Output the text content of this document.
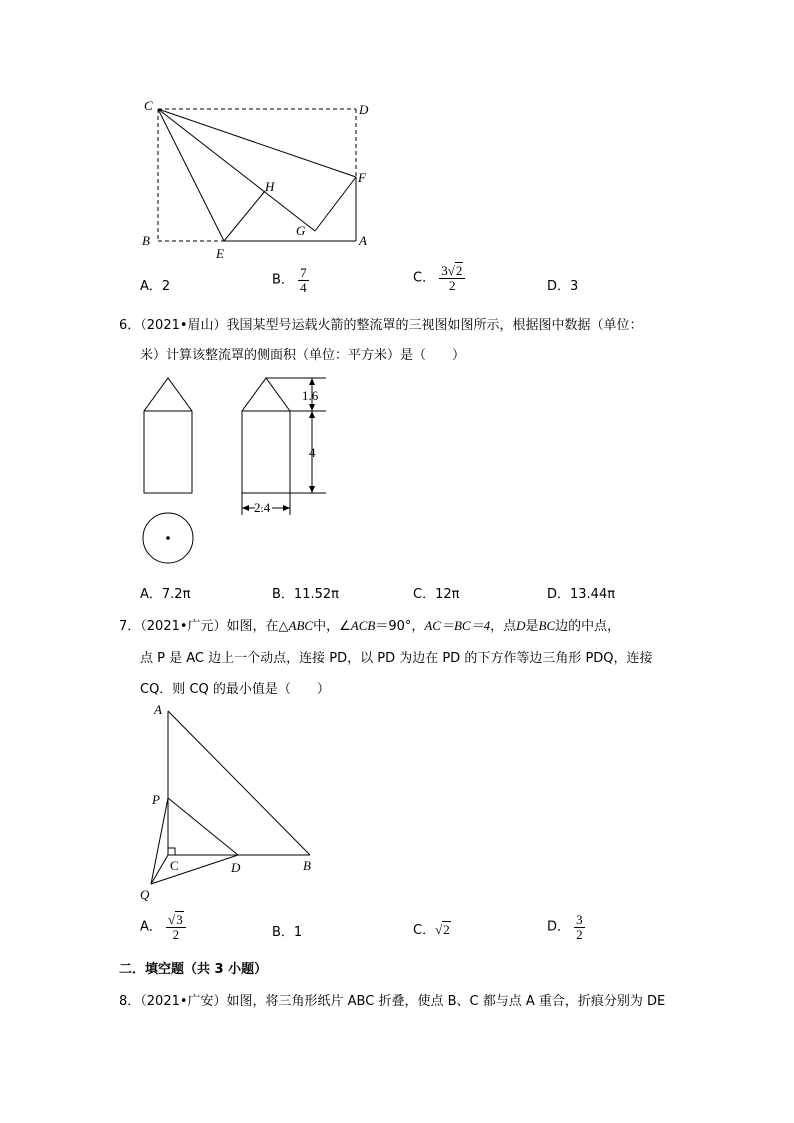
C	D
H
F
G
B
E
A
A．2	B． $\frac{7}{4}$	C． $\frac{3√2}{2}$	D．3
6．（2021•眉山）我国某型号运载火箭的整流罩的三视图如图所示，根据图中数据（单位：
米）计算该整流罩的侧面积（单位：平方米）是（　　）
1.6
4
2.4
A．7.2π	B．11.52π	C．12π	D．13.44π
7．（2021•广元）如图，在△ABC中，∠ACB＝90°，AC＝BC＝4，点D是BC边的中点，
点 P 是 AC 边上一个动点，连接 PD，以 PD 为边在 PD 的下方作等边三角形 PDQ，连接
CQ．则 CQ 的最小值是（　　）
A
P
C	D	B
Q
A． $\frac{√3}{2}$	B．1	C．√2	D． $\frac{3}{2}$
二．填空题（共 3 小题）
8．（2021•广安）如图，将三角形纸片 ABC 折叠，使点 B、C 都与点 A 重合，折痕分别为 DE
